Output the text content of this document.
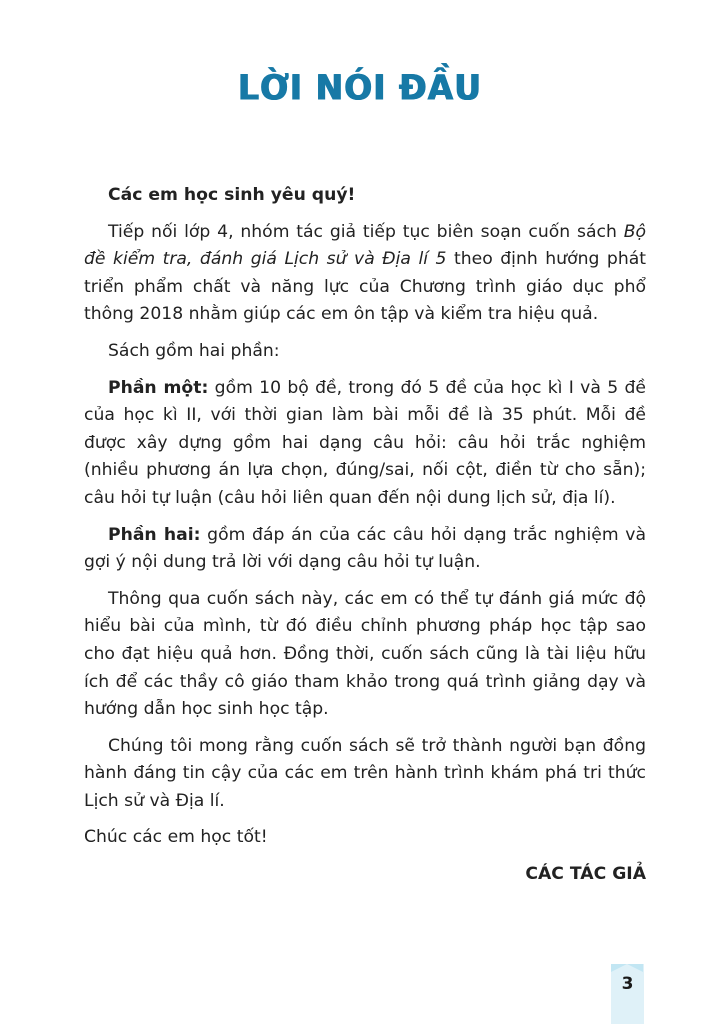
LỜI NÓI ĐẦU
Các em học sinh yêu quý!

Tiếp nối lớp 4, nhóm tác giả tiếp tục biên soạn cuốn sách Bộ đề kiểm tra, đánh giá Lịch sử và Địa lí 5 theo định hướng phát triển phẩm chất và năng lực của Chương trình giáo dục phổ thông 2018 nhằm giúp các em ôn tập và kiểm tra hiệu quả.

Sách gồm hai phần:

Phần một: gồm 10 bộ đề, trong đó 5 đề của học kì I và 5 đề của học kì II, với thời gian làm bài mỗi đề là 35 phút. Mỗi đề được xây dựng gồm hai dạng câu hỏi: câu hỏi trắc nghiệm (nhiều phương án lựa chọn, đúng/sai, nối cột, điền từ cho sẵn); câu hỏi tự luận (câu hỏi liên quan đến nội dung lịch sử, địa lí).

Phần hai: gồm đáp án của các câu hỏi dạng trắc nghiệm và gợi ý nội dung trả lời với dạng câu hỏi tự luận.

Thông qua cuốn sách này, các em có thể tự đánh giá mức độ hiểu bài của mình, từ đó điều chỉnh phương pháp học tập sao cho đạt hiệu quả hơn. Đồng thời, cuốn sách cũng là tài liệu hữu ích để các thầy cô giáo tham khảo trong quá trình giảng dạy và hướng dẫn học sinh học tập.

Chúng tôi mong rằng cuốn sách sẽ trở thành người bạn đồng hành đáng tin cậy của các em trên hành trình khám phá tri thức Lịch sử và Địa lí.

Chúc các em học tốt!

CÁC TÁC GIẢ

3
